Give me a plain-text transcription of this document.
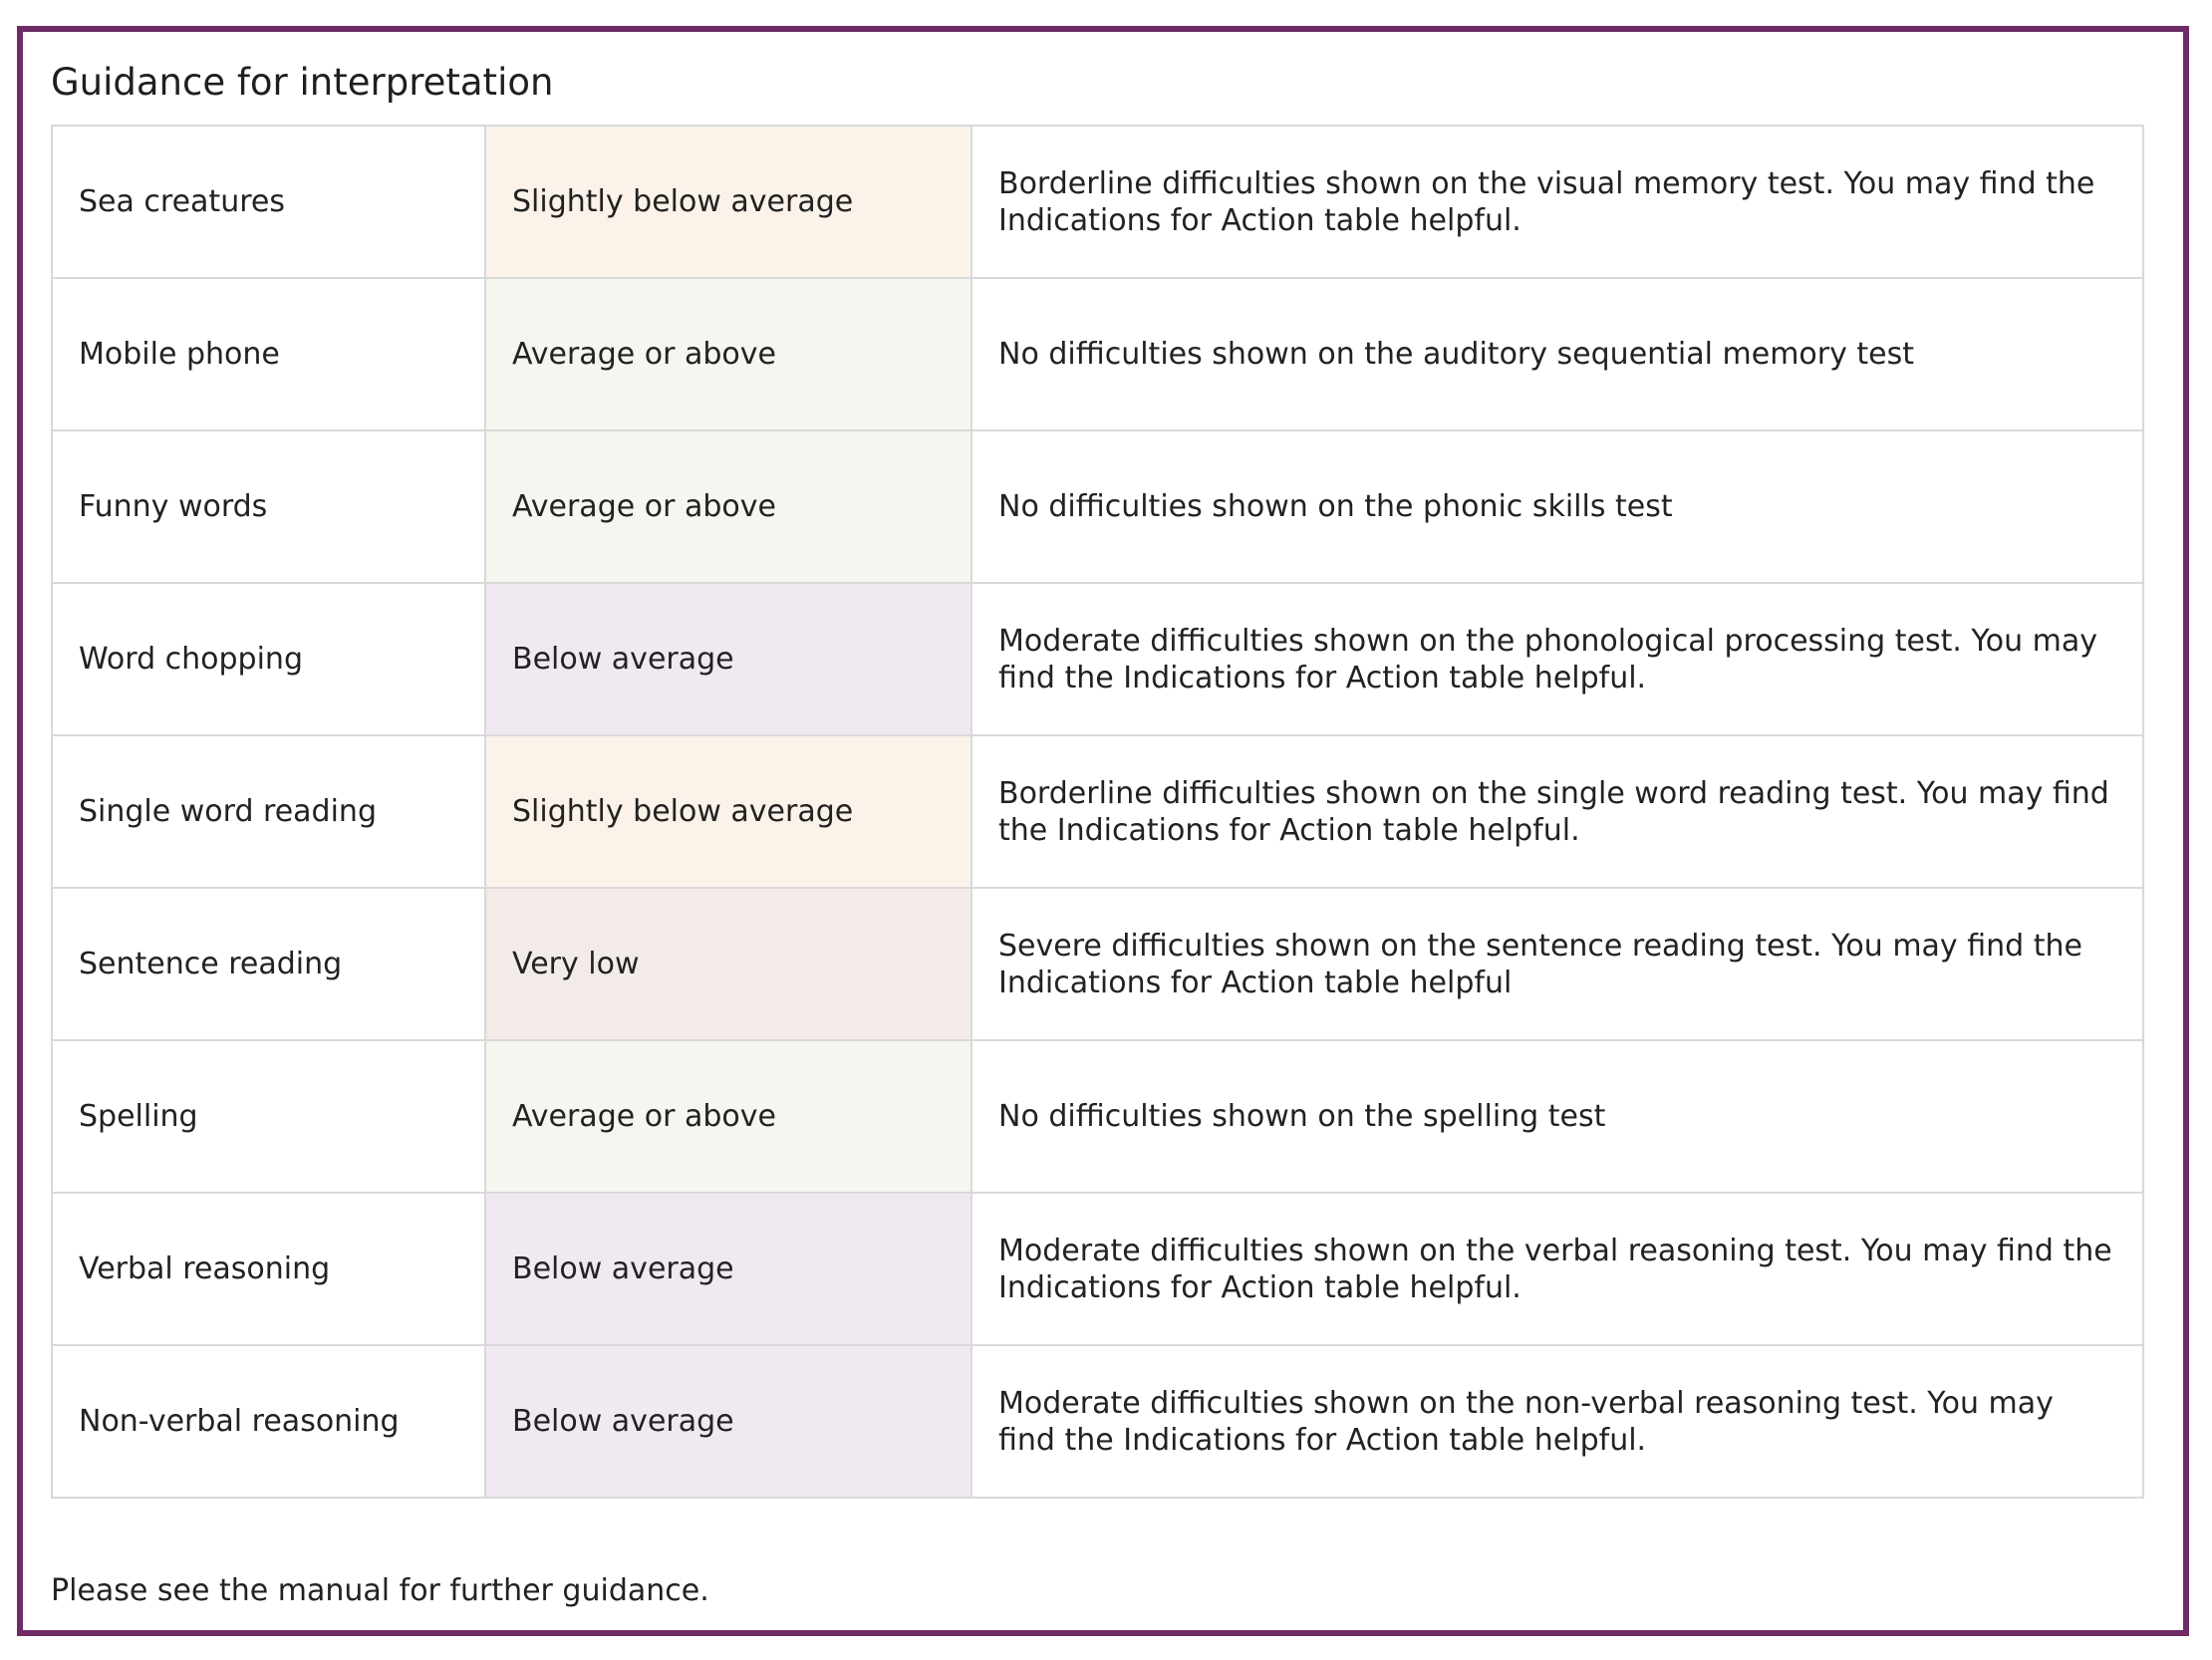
Guidance for interpretation
Sea creatures	Slightly below average	Borderline difficulties shown on the visual memory test. You may find the Indications for Action table helpful.
Mobile phone	Average or above	No difficulties shown on the auditory sequential memory test
Funny words	Average or above	No difficulties shown on the phonic skills test
Word chopping	Below average	Moderate difficulties shown on the phonological processing test. You may find the Indications for Action table helpful.
Single word reading	Slightly below average	Borderline difficulties shown on the single word reading test. You may find the Indications for Action table helpful.
Sentence reading	Very low	Severe difficulties shown on the sentence reading test. You may find the Indications for Action table helpful
Spelling	Average or above	No difficulties shown on the spelling test
Verbal reasoning	Below average	Moderate difficulties shown on the verbal reasoning test. You may find the Indications for Action table helpful.
Non-verbal reasoning	Below average	Moderate difficulties shown on the non-verbal reasoning test. You may find the Indications for Action table helpful.
Please see the manual for further guidance.
